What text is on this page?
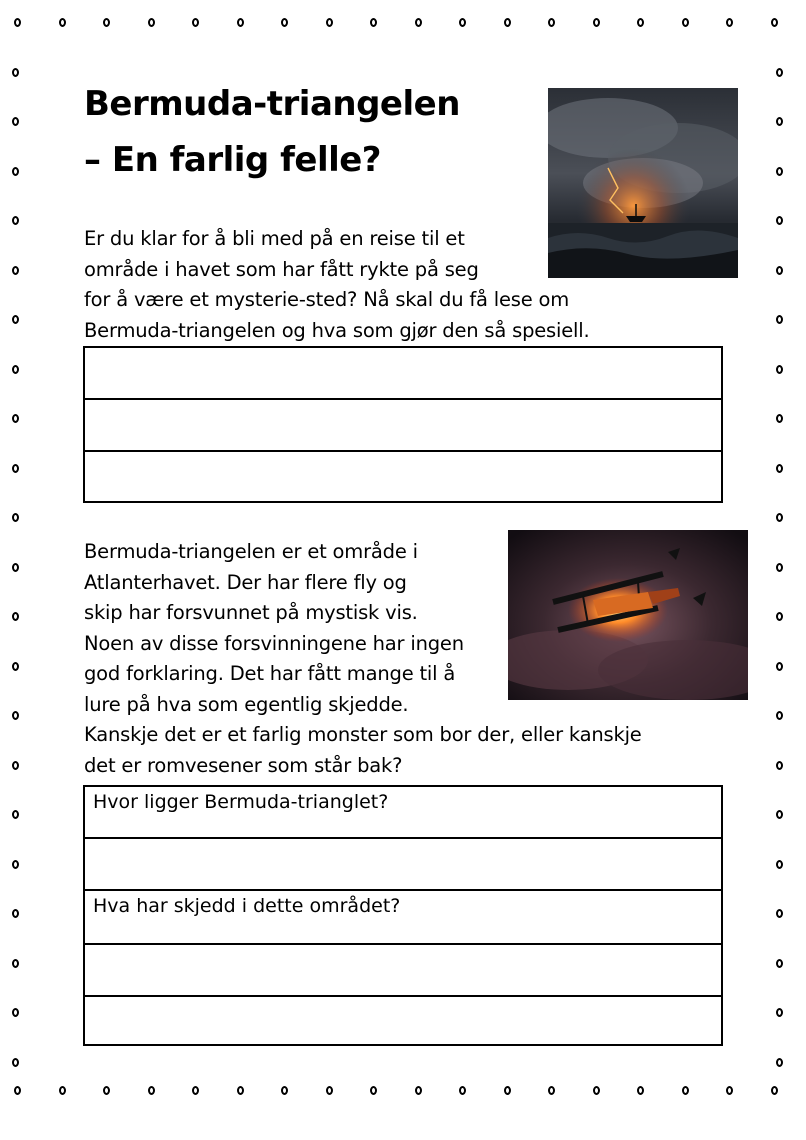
Bermuda-triangelen
– En farlig felle?
Er du klar for å bli med på en reise til et
område i havet som har fått rykte på seg
for å være et mysterie-sted? Nå skal du få lese om
Bermuda-triangelen og hva som gjør den så spesiell.
Bermuda-triangelen er et område i
Atlanterhavet. Der har flere fly og
skip har forsvunnet på mystisk vis.
Noen av disse forsvinningene har ingen
god forklaring. Det har fått mange til å
lure på hva som egentlig skjedde.
Kanskje det er et farlig monster som bor der, eller kanskje
det er romvesener som står bak?
Hvor ligger Bermuda-trianglet?
Hva har skjedd i dette området?
